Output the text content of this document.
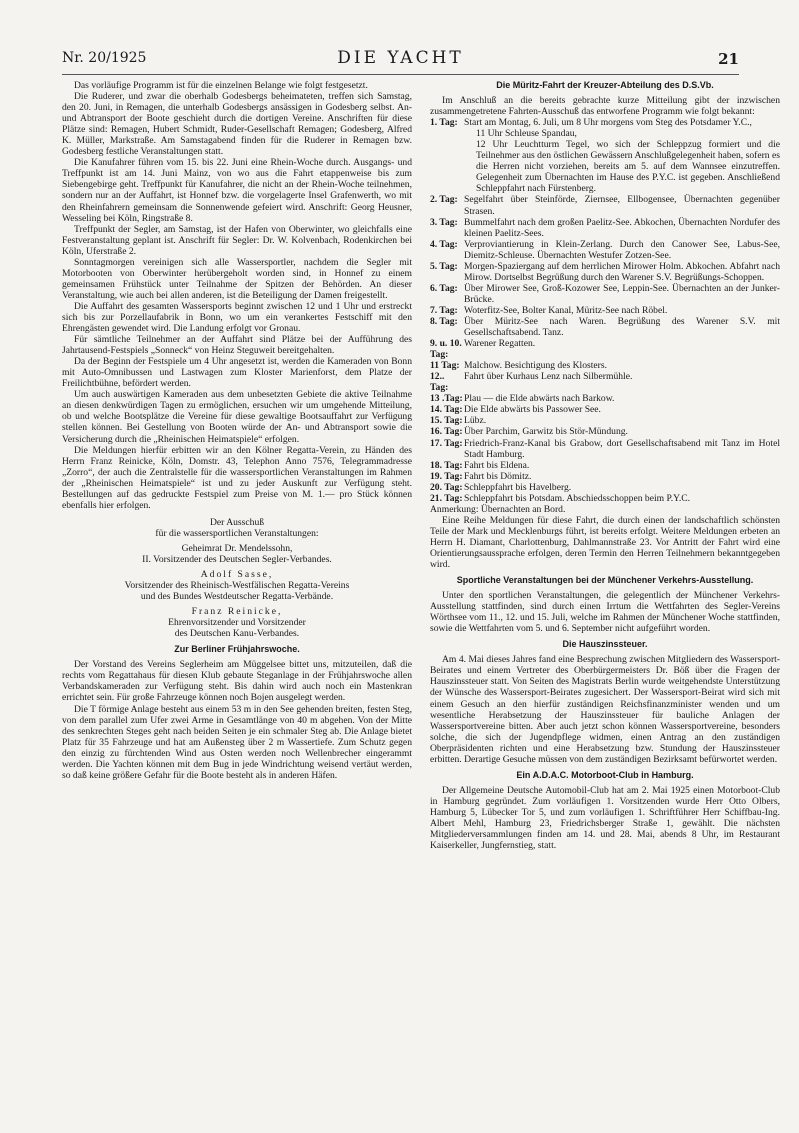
Nr. 20/1925	DIE YACHT	21

Das vorläufige Programm ist für die einzelnen Belange wie folgt festgesetzt.

Die Ruderer, und zwar die oberhalb Godesbergs beheimateten, treffen sich Samstag, den 20. Juni, in Remagen, die unterhalb Godesbergs ansässigen in Godesberg selbst. An- und Abtransport der Boote geschieht durch die dortigen Vereine. Anschriften für diese Plätze sind: Remagen, Hubert Schmidt, Ruder-Gesellschaft Remagen; Godesberg, Alfred K. Müller, Markstraße. Am Samstagabend finden für die Ruderer in Remagen bzw. Godesberg festliche Veranstaltungen statt.

Die Kanufahrer führen vom 15. bis 22. Juni eine Rhein-Woche durch. Ausgangs- und Treffpunkt ist am 14. Juni Mainz, von wo aus die Fahrt etappenweise bis zum Siebengebirge geht. Treffpunkt für Kanufahrer, die nicht an der Rhein-Woche teilnehmen, sondern nur an der Auffahrt, ist Honnef bzw. die vorgelagerte Insel Grafenwerth, wo mit den Rheinfahrern gemeinsam die Sonnenwende gefeiert wird. Anschrift: Georg Heusner, Wesseling bei Köln, Ringstraße 8.

Treffpunkt der Segler, am Samstag, ist der Hafen von Oberwinter, wo gleichfalls eine Festveranstaltung geplant ist. Anschrift für Segler: Dr. W. Kolvenbach, Rodenkirchen bei Köln, Uferstraße 2.

Sonntagmorgen vereinigen sich alle Wassersportler, nachdem die Segler mit Motorbooten von Oberwinter herübergeholt worden sind, in Honnef zu einem gemeinsamen Frühstück unter Teilnahme der Spitzen der Behörden. An dieser Veranstaltung, wie auch bei allen anderen, ist die Beteiligung der Damen freigestellt.

Die Auffahrt des gesamten Wassersports beginnt zwischen 12 und 1 Uhr und erstreckt sich bis zur Porzellaufabrik in Bonn, wo um ein verankertes Festschiff mit den Ehrengästen gewendet wird. Die Landung erfolgt vor Gronau.

Für sämtliche Teilnehmer an der Auffahrt sind Plätze bei der Aufführung des Jahrtausend-Festspiels „Sonneck“ von Heinz Steguweit bereitgehalten.

Da der Beginn der Festspiele um 4 Uhr angesetzt ist, werden die Kameraden von Bonn mit Auto-Omnibussen und Lastwagen zum Kloster Marienforst, dem Platze der Freilichtbühne, befördert werden.

Um auch auswärtigen Kameraden aus dem unbesetzten Gebiete die aktive Teilnahme an diesen denkwürdigen Tagen zu ermöglichen, ersuchen wir um umgehende Mitteilung, ob und welche Bootsplätze die Vereine für diese gewaltige Bootsauffahrt zur Verfügung stellen können. Bei Gestellung von Booten würde der An- und Abtransport sowie die Versicherung durch die „Rheinischen Heimatspiele“ erfolgen.

Die Meldungen hierfür erbitten wir an den Kölner Regatta-Verein, zu Händen des Herrn Franz Reinicke, Köln, Domstr. 43, Telephon Anno 7576, Telegrammadresse „Zorro“, der auch die Zentralstelle für die wassersportlichen Veranstaltungen im Rahmen der „Rheinischen Heimatspiele“ ist und zu jeder Auskunft zur Verfügung steht. Bestellungen auf das gedruckte Festspiel zum Preise von M. 1.— pro Stück können ebenfalls hier erfolgen.

Der Ausschuß

für die wassersportlichen Veranstaltungen:

Geheimrat Dr. Mendelssohn,

II. Vorsitzender des Deutschen Segler-Verbandes.

Adolf Sasse,

Vorsitzender des Rheinisch-Westfälischen Regatta-Vereins

und des Bundes Westdeutscher Regatta-Verbände.

Franz Reinicke,

Ehrenvorsitzender und Vorsitzender

des Deutschen Kanu-Verbandes.

Zur Berliner Frühjahrswoche.

Der Vorstand des Vereins Seglerheim am Müggelsee bittet uns, mitzuteilen, daß die rechts vom Regattahaus für diesen Klub gebaute Steganlage in der Frühjahrswoche allen Verbandskameraden zur Verfügung steht. Bis dahin wird auch noch ein Mastenkran errichtet sein. Für große Fahrzeuge können noch Bojen ausgelegt werden.

Die T förmige Anlage besteht aus einem 53 m in den See gehenden breiten, festen Steg, von dem parallel zum Ufer zwei Arme in Gesamtlänge von 40 m abgehen. Von der Mitte des senkrechten Steges geht nach beiden Seiten je ein schmaler Steg ab. Die Anlage bietet Platz für 35 Fahrzeuge und hat am Außensteg über 2 m Wassertiefe. Zum Schutz gegen den einzig zu fürchtenden Wind aus Osten werden noch Wellenbrecher eingerammt werden. Die Yachten können mit dem Bug in jede Windrichtung weisend vertäut werden, so daß keine größere Gefahr für die Boote besteht als in anderen Häfen.

Die Müritz-Fahrt der Kreuzer-Abteilung des D.S.Vb.

Im Anschluß an die bereits gebrachte kurze Mitteilung gibt der inzwischen zusammengetretene Fahrten-Ausschuß das entworfene Programm wie folgt bekannt:

1. Tag: Start am Montag, 6. Juli, um 8 Uhr morgens vom Steg des Potsdamer Y.C.,
11 Uhr Schleuse Spandau,
12 Uhr Leuchtturm Tegel, wo sich der Schleppzug formiert und die Teilnehmer aus den östlichen Gewässern Anschlußgelegenheit haben, sofern es die Herren nicht vorziehen, bereits am 5. auf dem Wannsee einzutreffen. Gelegenheit zum Übernachten im Hause des P.Y.C. ist gegeben. Anschließend Schleppfahrt nach Fürstenberg.
2. Tag: Segelfahrt über Steinförde, Ziernsee, Ellbogensee, Übernachten gegenüber Strasen.
3. Tag: Bummelfahrt nach dem großen Paelitz-See. Abkochen, Übernachten Nordufer des kleinen Paelitz-Sees.
4. Tag: Verproviantierung in Klein-Zerlang. Durch den Canower See, Labus-See, Diemitz-Schleuse. Übernachten Westufer Zotzen-See.
5. Tag: Morgen-Spaziergang auf dem herrlichen Mirower Holm. Abkochen. Abfahrt nach Mirow. Dortselbst Begrüßung durch den Warener S.V. Begrüßungs-Schoppen.
6. Tag: Über Mirower See, Groß-Kozower See, Leppin-See. Übernachten an der Junker-Brücke.
7. Tag: Woterfitz-See, Bolter Kanal, Müritz-See nach Röbel.
8. Tag: Über Müritz-See nach Waren. Begrüßung des Warener S.V. mit Gesellschaftsabend. Tanz.
9. u. 10. Tag:
Warener Regatten.
11 Tag: Malchow. Besichtigung des Klosters.
12.. Tag:
Fahrt über Kurhaus Lenz nach Silbermühle.
13 .Tag: Plau — die Elde abwärts nach Barkow.
14. Tag: Die Elde abwärts bis Passower See.
15. Tag: Lübz.
16. Tag: Über Parchim, Garwitz bis Stör-Mündung.
17. Tag: Friedrich-Franz-Kanal bis Grabow, dort Gesellschaftsabend mit Tanz im Hotel Stadt Hamburg.
18. Tag: Fahrt bis Eldena.
19. Tag: Fahrt bis Dömitz.
20. Tag: Schleppfahrt bis Havelberg.
21. Tag: Schleppfahrt bis Potsdam. Abschiedsschoppen beim P.Y.C.

Anmerkung: Übernachten an Bord.

Eine Reihe Meldungen für diese Fahrt, die durch einen der landschaftlich schönsten Teile der Mark und Mecklenburgs führt, ist bereits erfolgt. Weitere Meldungen erbeten an Herrn H. Diamant, Charlottenburg, Dahlmannstraße 23. Vor Antritt der Fahrt wird eine Orientierungsaussprache erfolgen, deren Termin den Herren Teilnehmern bekanntgegeben wird.

Sportliche Veranstaltungen bei der Münchener Verkehrs-Ausstellung.

Unter den sportlichen Veranstaltungen, die gelegentlich der Münchener Verkehrs-Ausstellung stattfinden, sind durch einen Irrtum die Wettfahrten des Segler-Vereins Wörthsee vom 11., 12. und 15. Juli, welche im Rahmen der Münchener Woche stattfinden, sowie die Wettfahrten vom 5. und 6. September nicht aufgeführt worden.

Die Hauszinssteuer.

Am 4. Mai dieses Jahres fand eine Besprechung zwischen Mitgliedern des Wassersport-Beirates und einem Vertreter des Oberbürgermeisters Dr. Böß über die Fragen der Hauszinssteuer statt. Von Seiten des Magistrats Berlin wurde weitgehendste Unterstützung der Wünsche des Wassersport-Beirates zugesichert. Der Wassersport-Beirat wird sich mit einem Gesuch an den hierfür zuständigen Reichsfinanzminister wenden und um wesentliche Herabsetzung der Hauszinssteuer für bauliche Anlagen der Wassersportvereine bitten. Aber auch jetzt schon können Wassersportvereine, besonders solche, die sich der Jugendpflege widmen, einen Antrag an den zuständigen Oberpräsidenten richten und eine Herabsetzung bzw. Stundung der Hauszinssteuer erbitten. Derartige Gesuche müssen von dem zuständigen Bezirksamt befürwortet werden.

Ein A.D.A.C. Motorboot-Club in Hamburg.

Der Allgemeine Deutsche Automobil-Club hat am 2. Mai 1925 einen Motorboot-Club in Hamburg gegründet. Zum vorläufigen 1. Vorsitzenden wurde Herr Otto Olbers, Hamburg 5, Lübecker Tor 5, und zum vorläufigen 1. Schriftführer Herr Schiffbau-Ing. Albert Mehl, Hamburg 23, Friedrichsberger Straße 1, gewählt. Die nächsten Mitgliederversammlungen finden am 14. und 28. Mai, abends 8 Uhr, im Restaurant Kaiserkeller, Jungfernstieg, statt.
